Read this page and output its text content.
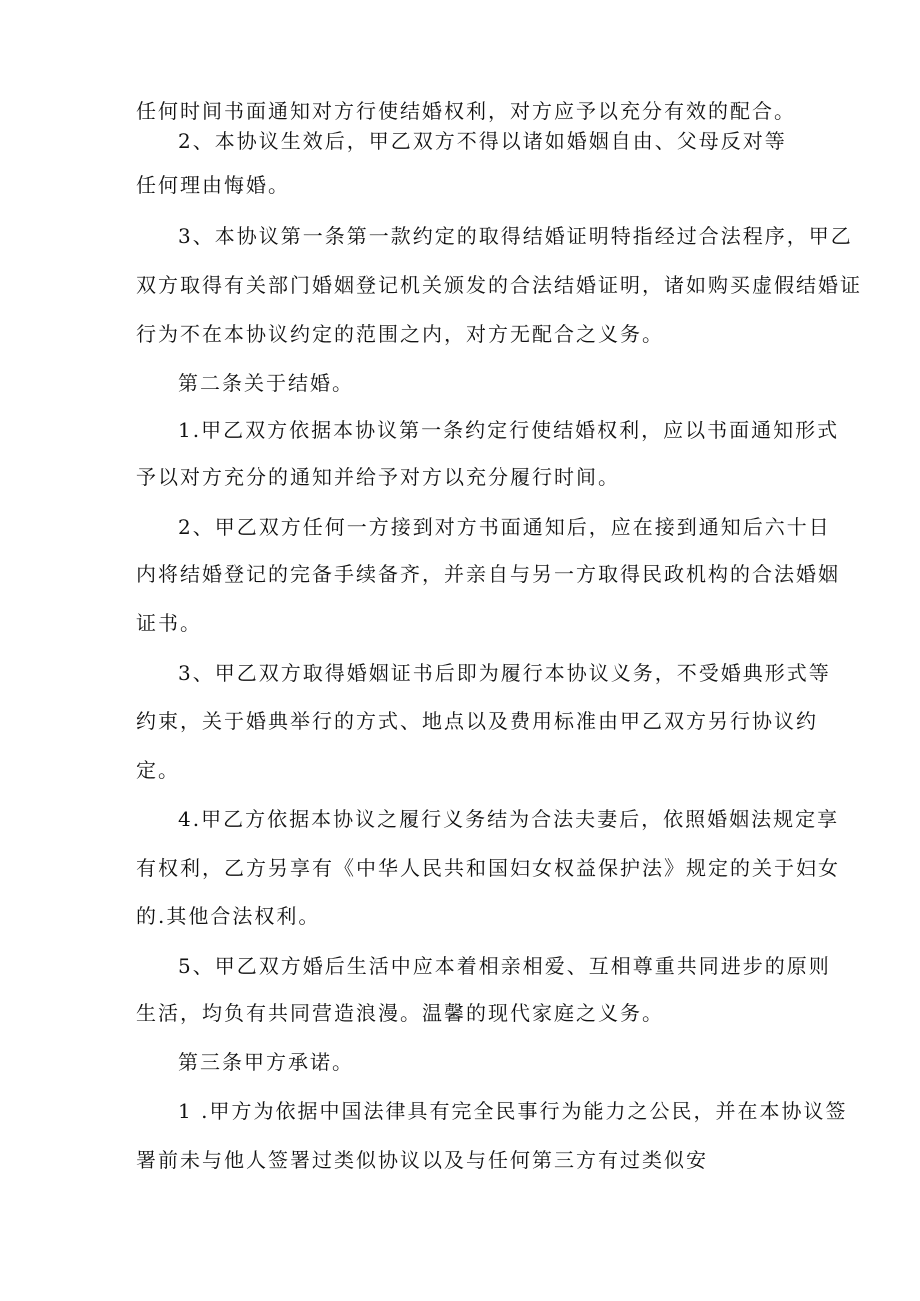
任何时间书面通知对方行使结婚权利，对方应予以充分有效的配合。

2、本协议生效后，甲乙双方不得以诸如婚姻自由、父母反对等

任何理由悔婚。

3、本协议第一条第一款约定的取得结婚证明特指经过合法程序，甲乙

双方取得有关部门婚姻登记机关颁发的合法结婚证明，诸如购买虚假结婚证

行为不在本协议约定的范围之内，对方无配合之义务。

第二条关于结婚。

1.甲乙双方依据本协议第一条约定行使结婚权利，应以书面通知形式

予以对方充分的通知并给予对方以充分履行时间。

2、甲乙双方任何一方接到对方书面通知后，应在接到通知后六十日

内将结婚登记的完备手续备齐，并亲自与另一方取得民政机构的合法婚姻

证书。

3、甲乙双方取得婚姻证书后即为履行本协议义务，不受婚典形式等

约束，关于婚典举行的方式、地点以及费用标准由甲乙双方另行协议约

定。

4.甲乙方依据本协议之履行义务结为合法夫妻后，依照婚姻法规定享

有权利，乙方另享有《中华人民共和国妇女权益保护法》规定的关于妇女

的.其他合法权利。

5、甲乙双方婚后生活中应本着相亲相爱、互相尊重共同进步的原则

生活，均负有共同营造浪漫。温馨的现代家庭之义务。

第三条甲方承诺。

1 .甲方为依据中国法律具有完全民事行为能力之公民，并在本协议签

署前未与他人签署过类似协议以及与任何第三方有过类似安
